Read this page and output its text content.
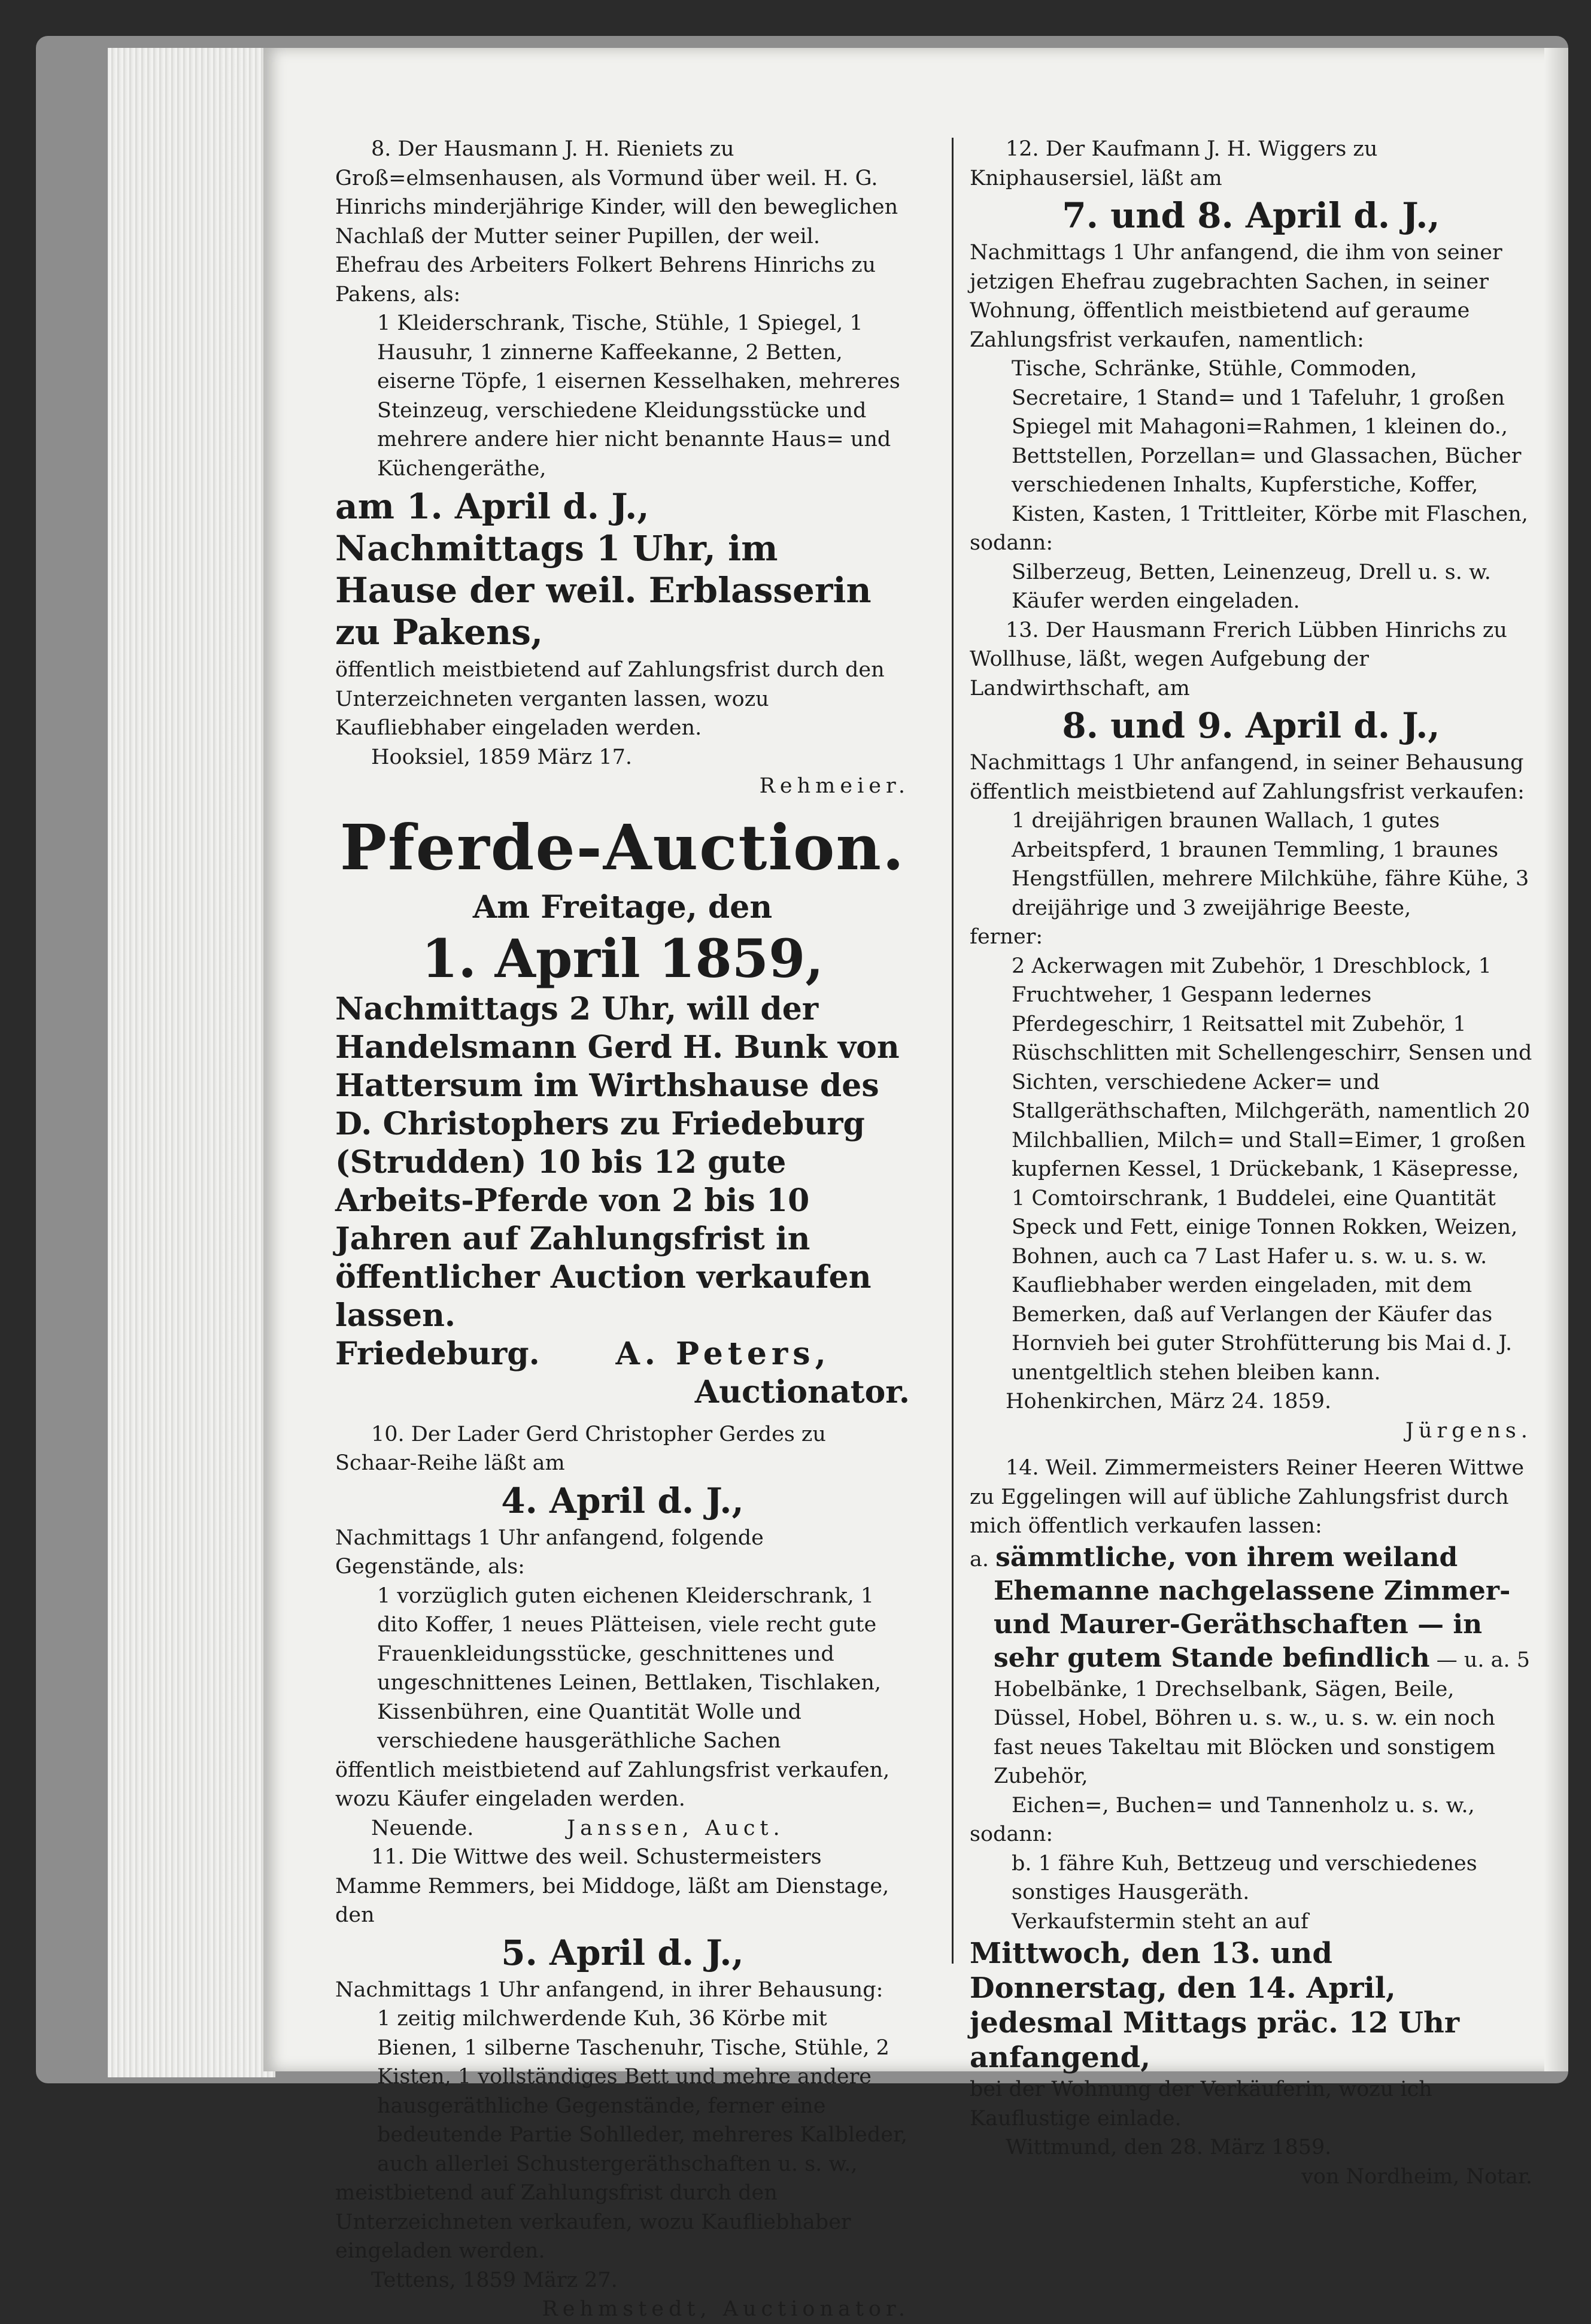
8. Der Hausmann J. H. Rieniets zu Groß=elmsenhausen, als Vormund über weil. H. G. Hinrichs minderjährige Kinder, will den beweglichen Nachlaß der Mutter seiner Pupillen, der weil. Ehefrau des Arbeiters Folkert Behrens Hinrichs zu Pakens, als:

1 Kleiderschrank, Tische, Stühle, 1 Spiegel, 1 Hausuhr, 1 zinnerne Kaffeekanne, 2 Betten, eiserne Töpfe, 1 eisernen Kesselhaken, mehreres Steinzeug, verschiedene Kleidungsstücke und mehrere andere hier nicht benannte Haus= und Küchengeräthe,

am 1. April d. J., Nachmittags 1 Uhr, im Hause der weil. Erblasserin zu Pakens,

öffentlich meistbietend auf Zahlungsfrist durch den Unterzeichneten verganten lassen, wozu Kaufliebhaber eingeladen werden.

Hooksiel, 1859 März 17.

Rehmeier.

Pferde-Auction.

Am Freitage, den

1. April 1859,

Nachmittags 2 Uhr, will der Handelsmann Gerd H. Bunk von Hattersum im Wirthshause des D. Christophers zu Friedeburg (Strudden) 10 bis 12 gute Arbeits-Pferde von 2 bis 10 Jahren auf Zahlungsfrist in öffentlicher Auction verkaufen lassen.

Friedeburg. A. Peters,

Auctionator.

10. Der Lader Gerd Christopher Gerdes zu Schaar-Reihe läßt am

4. April d. J.,

Nachmittags 1 Uhr anfangend, folgende Gegenstände, als:

1 vorzüglich guten eichenen Kleiderschrank, 1 dito Koffer, 1 neues Plätteisen, viele recht gute Frauenkleidungsstücke, geschnittenes und ungeschnittenes Leinen, Bettlaken, Tischlaken, Kissenbühren, eine Quantität Wolle und verschiedene hausgeräthliche Sachen

öffentlich meistbietend auf Zahlungsfrist verkaufen, wozu Käufer eingeladen werden.

Neuende.	Janssen, Auct.

11. Die Wittwe des weil. Schustermeisters Mamme Remmers, bei Middoge, läßt am Dienstage, den

5. April d. J.,

Nachmittags 1 Uhr anfangend, in ihrer Behausung:

1 zeitig milchwerdende Kuh, 36 Körbe mit Bienen, 1 silberne Taschenuhr, Tische, Stühle, 2 Kisten, 1 vollständiges Bett und mehre andere hausgeräthliche Gegenstände, ferner eine bedeutende Partie Sohlleder, mehreres Kalbleder, auch allerlei Schustergeräthschaften u. s. w.,

meistbietend auf Zahlungsfrist durch den Unterzeichneten verkaufen, wozu Kaufliebhaber eingeladen werden.

Tettens, 1859 März 27.

Rehmstedt, Auctionator.

12. Der Kaufmann J. H. Wiggers zu Kniphausersiel, läßt am

7. und 8. April d. J.,

Nachmittags 1 Uhr anfangend, die ihm von seiner jetzigen Ehefrau zugebrachten Sachen, in seiner Wohnung, öffentlich meistbietend auf geraume Zahlungsfrist verkaufen, namentlich:

Tische, Schränke, Stühle, Commoden, Secretaire, 1 Stand= und 1 Tafeluhr, 1 großen Spiegel mit Mahagoni=Rahmen, 1 kleinen do., Bettstellen, Porzellan= und Glassachen, Bücher verschiedenen Inhalts, Kupferstiche, Koffer, Kisten, Kasten, 1 Trittleiter, Körbe mit Flaschen,

sodann:

Silberzeug, Betten, Leinenzeug, Drell u. s. w.

Käufer werden eingeladen.

13. Der Hausmann Frerich Lübben Hinrichs zu Wollhuse, läßt, wegen Aufgebung der Landwirthschaft, am

8. und 9. April d. J.,

Nachmittags 1 Uhr anfangend, in seiner Behausung öffentlich meistbietend auf Zahlungsfrist verkaufen:

1 dreijährigen braunen Wallach, 1 gutes Arbeitspferd, 1 braunen Temmling, 1 braunes Hengstfüllen, mehrere Milchkühe, fähre Kühe, 3 dreijährige und 3 zweijährige Beeste,

ferner:

2 Ackerwagen mit Zubehör, 1 Dreschblock, 1 Fruchtweher, 1 Gespann ledernes Pferdegeschirr, 1 Reitsattel mit Zubehör, 1 Rüschschlitten mit Schellengeschirr, Sensen und Sichten, verschiedene Acker= und Stallgeräthschaften, Milchgeräth, namentlich 20 Milchballien, Milch= und Stall=Eimer, 1 großen kupfernen Kessel, 1 Drückebank, 1 Käsepresse, 1 Comtoirschrank, 1 Buddelei, eine Quantität Speck und Fett, einige Tonnen Rokken, Weizen, Bohnen, auch ca 7 Last Hafer u. s. w. u. s. w.

Kaufliebhaber werden eingeladen, mit dem Bemerken, daß auf Verlangen der Käufer das Hornvieh bei guter Strohfütterung bis Mai d. J. unentgeltlich stehen bleiben kann.

Hohenkirchen, März 24. 1859.

Jürgens.

14. Weil. Zimmermeisters Reiner Heeren Wittwe zu Eggelingen will auf übliche Zahlungsfrist durch mich öffentlich verkaufen lassen:

a. sämmtliche, von ihrem weiland Ehemanne nachgelassene Zimmer- und Maurer-Geräthschaften — in sehr gutem Stande befindlich — u. a. 5 Hobelbänke, 1 Drechselbank, Sägen, Beile, Düssel, Hobel, Böhren u. s. w., u. s. w. ein noch fast neues Takeltau mit Blöcken und sonstigem Zubehör,

Eichen=, Buchen= und Tannenholz u. s. w.,

sodann:

b. 1 fähre Kuh, Bettzeug und verschiedenes sonstiges Hausgeräth.

Verkaufstermin steht an auf

Mittwoch, den 13. und Donnerstag, den 14. April, jedesmal Mittags präc. 12 Uhr anfangend,

bei der Wohnung der Verkäuferin, wozu ich Kauflustige einlade.

Wittmund, den 28. März 1859.

von Nordheim, Notar.
